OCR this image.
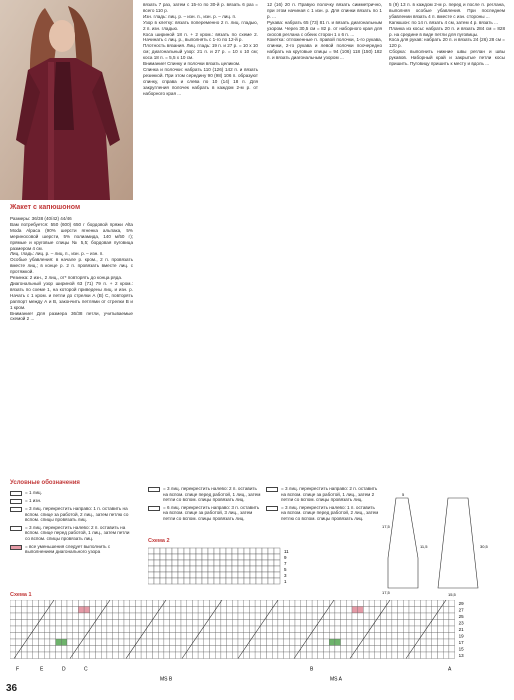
вязать 7 раз, затем с 15-го по 30-й р. вязать 6 раз = всего 110 р.

Изн. гладь: лиц. р. – изн. п., изн. р. – лиц. п.

Узор в клетку: вязать попеременно 2 п. лиц. гладью, 2 п. изн. гладью.

Коса шириной 18 п. + 2 кром.: вязать по схеме 2. Начинать с лиц. р., выполнять с 1-го по 12-й р.

Плотность вязания. Лиц. гладь: 19 п. и 27 р. = 10 х 10 см; диагональный узор: 21 п. и 27 р. = 10 х 10 см; коса 18 п. = 5,5 х 10 см.

Внимание! Спинку и полочки вязать целиком.

Спинка и полочки: набрать 110 (126) 142 п. и вязать резинкой. При этом середину 90 (98) 106 п. образуют спинку, справа и слева по 10 (14) 18 п. Для закругления полочек набрать в каждом 2-м р. от наборного края ...

12 (16) 20 п. Правую полочку вязать симметрично, при этом начиная с 1 изн. р. Для спинки вязать по 1 р. ...

Рукава: набрать 65 (73) 81 п. и вязать диагональным узором. Через 30,5 см = 82 р. от наборного края для скосов реглана с обеих сторон 1 х 6 п. ...

Кокетка: отложенные п. правой полочки, 1-го рукава, спинки, 2-го рукава и левой полочки поочередно набрать на круговые спицы = 94 (106) 118 (150) 182 п. и вязать диагональным узором ...

5 (9) 13 п. в каждом 2-м р. перед и после п. реглана, выполняя особые убавления. При последнем убавлении вязать 4 п. вместе с изн. стороны ...

Капюшон: по 14 п. вязать 4 см, затем 4 р. вязать ...

Планка из косы: набрать 20 п. и вязать 284 см = 828 р. на средине в виде петли для пуговицы.

Коса для рукав: набрать 20 п. и вязать 24 (26) 28 см = 120 р.

Сборка: выполнить нижние швы реглан и швы рукавов. Наборный край и закрытые петли косы пришить. Пуговицу пришить к месту и вдоль ...

Жакет с капюшоном

Размеры: 36/38 (40/42) 44/46

Вам потребуется: 550 (600) 650 г бордовой пряжи Alta Moda Alpaca (90% шерсти ягненка альпака, 5% мериносовой шерсти, 5% полиамида, 140 м/50 г); прямые и круговые спицы № 5,5; бордовая пуговица размером 4 см.

Лиц. гладь: лиц. р. – лиц. п., изн. р. – изн. п.

Особые убавления: в начале р. кром., 2 п. провязать вместе лиц.; в конце р. 2 п. провязать вместе лиц. с протяжкой.

Резинка: 2 изн., 2 лиц., от* повторять до конца ряда.

Диагональный узор шириной 63 (71) 79 п. + 2 кром.: вязать по схеме 1, на которой приведены лиц. и изн. р. Начать с 1 кром. и петли до стрелки А (В) С, повторять раппорт между А и В, закончить петлями от стрелки В и 1 кром.

Внимание! Для размера 36/38 петли, учитываемые схемой 2 ...

Условные обозначения
= 1 лиц.
= 1 изн.
= 3 лиц. перекрестить направо: 1 п. оставить на вспом. спице за работой, 2 лиц., затем петлю со вспом. спицы провязать лиц.
= 3 лиц. перекрестить налево: 2 п. оставить на вспом. спице перед работой, 1 лиц., затем петли со вспом. спицы провязать лиц.
= все уменьшения следует выполнить с выполнением диагонального узора
= 3 лиц. перекрестить налево: 2 п. оставить на вспом. спице перед работой, 1 лиц., затем петли со вспом. спицы провязать лиц.
= 6 лиц. перекрестить направо: 3 п. оставить на вспом. спице за работой, 3 лиц., затем петли со вспом. спицы провязать лиц.
= 3 лиц. перекрестить направо: 2 п. оставить на вспом. спице за работой, 1 лиц., затем 2 петли со вспом. спицы провязать лиц.
= 3 лиц. перекрестить налево: 1 п. оставить на вспом. спице перед работой, 2 лиц., затем петлю со вспом. спицы провязать лиц.
Схема 2
11
9
7
5
3
1
17,5
17,5
11,5	30,5
15,5
5
Схема 1
29
27
25
23
21
19
17
15
13
F	E	D	C	B	A
MS B	MS A
36
